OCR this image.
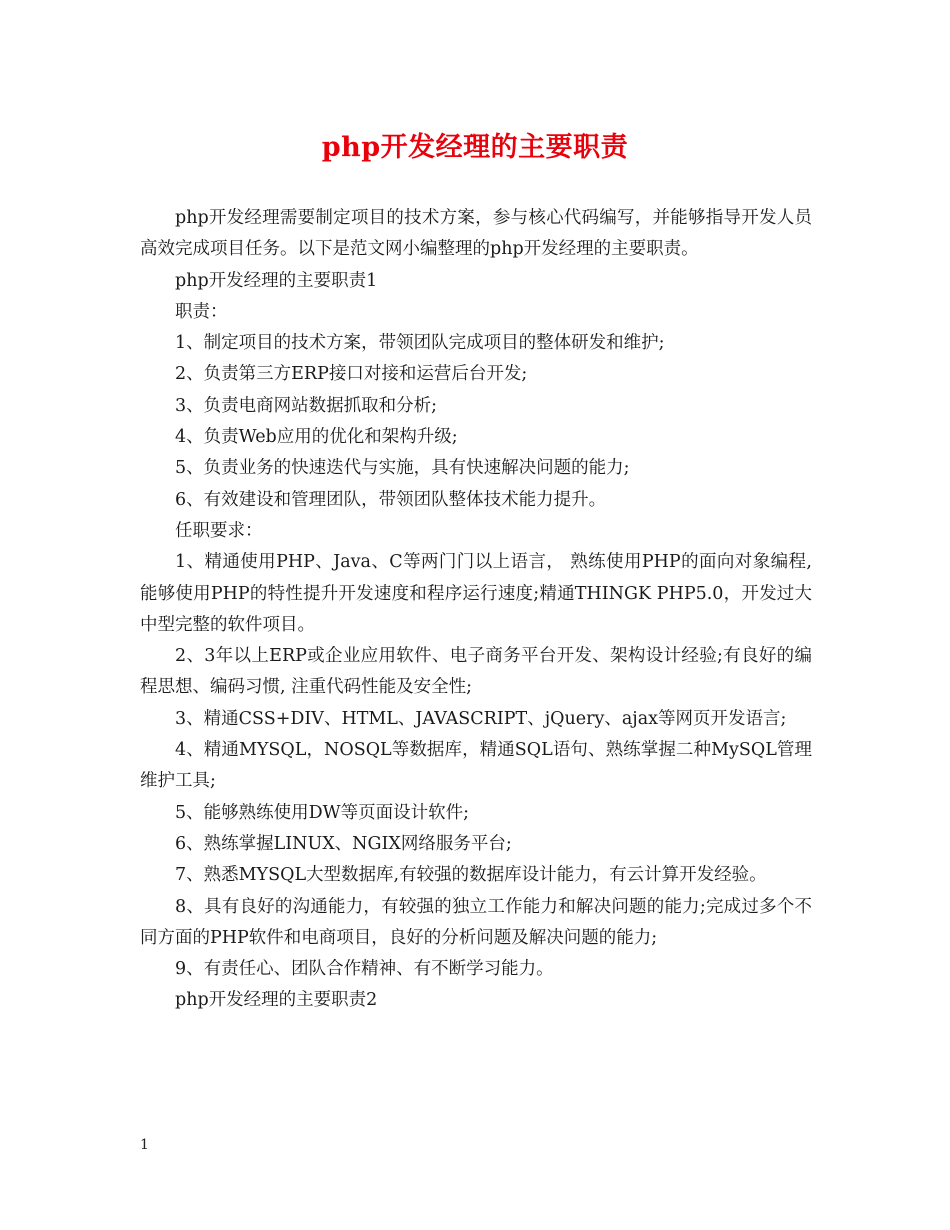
php开发经理的主要职责

php开发经理需要制定项目的技术方案，参与核心代码编写，并能够指导开发人员高效完成项目任务。以下是范文网小编整理的php开发经理的主要职责。

php开发经理的主要职责1

职责：

1、制定项目的技术方案，带领团队完成项目的整体研发和维护;

2、负责第三方ERP接口对接和运营后台开发;

3、负责电商网站数据抓取和分析;

4、负责Web应用的优化和架构升级;

5、负责业务的快速迭代与实施，具有快速解决问题的能力;

6、有效建设和管理团队，带领团队整体技术能力提升。

任职要求：

1、精通使用PHP、Java、C等两门门以上语言， 熟练使用PHP的面向对象编程, 能够使用PHP的特性提升开发速度和程序运行速度;精通THINGK PHP5.0，开发过大中型完整的软件项目。

2、3年以上ERP或企业应用软件、电子商务平台开发、架构设计经验;有良好的编程思想、编码习惯, 注重代码性能及安全性;

3、精通CSS+DIV、HTML、JAVASCRIPT、jQuery、ajax等网页开发语言;

4、精通MYSQL，NOSQL等数据库，精通SQL语句、熟练掌握二种MySQL管理维护工具;

5、能够熟练使用DW等页面设计软件;

6、熟练掌握LINUX、NGIX网络服务平台;

7、熟悉MYSQL大型数据库,有较强的数据库设计能力，有云计算开发经验。

8、具有良好的沟通能力，有较强的独立工作能力和解决问题的能力;完成过多个不同方面的PHP软件和电商项目，良好的分析问题及解决问题的能力;

9、有责任心、团队合作精神、有不断学习能力。

php开发经理的主要职责2

1
